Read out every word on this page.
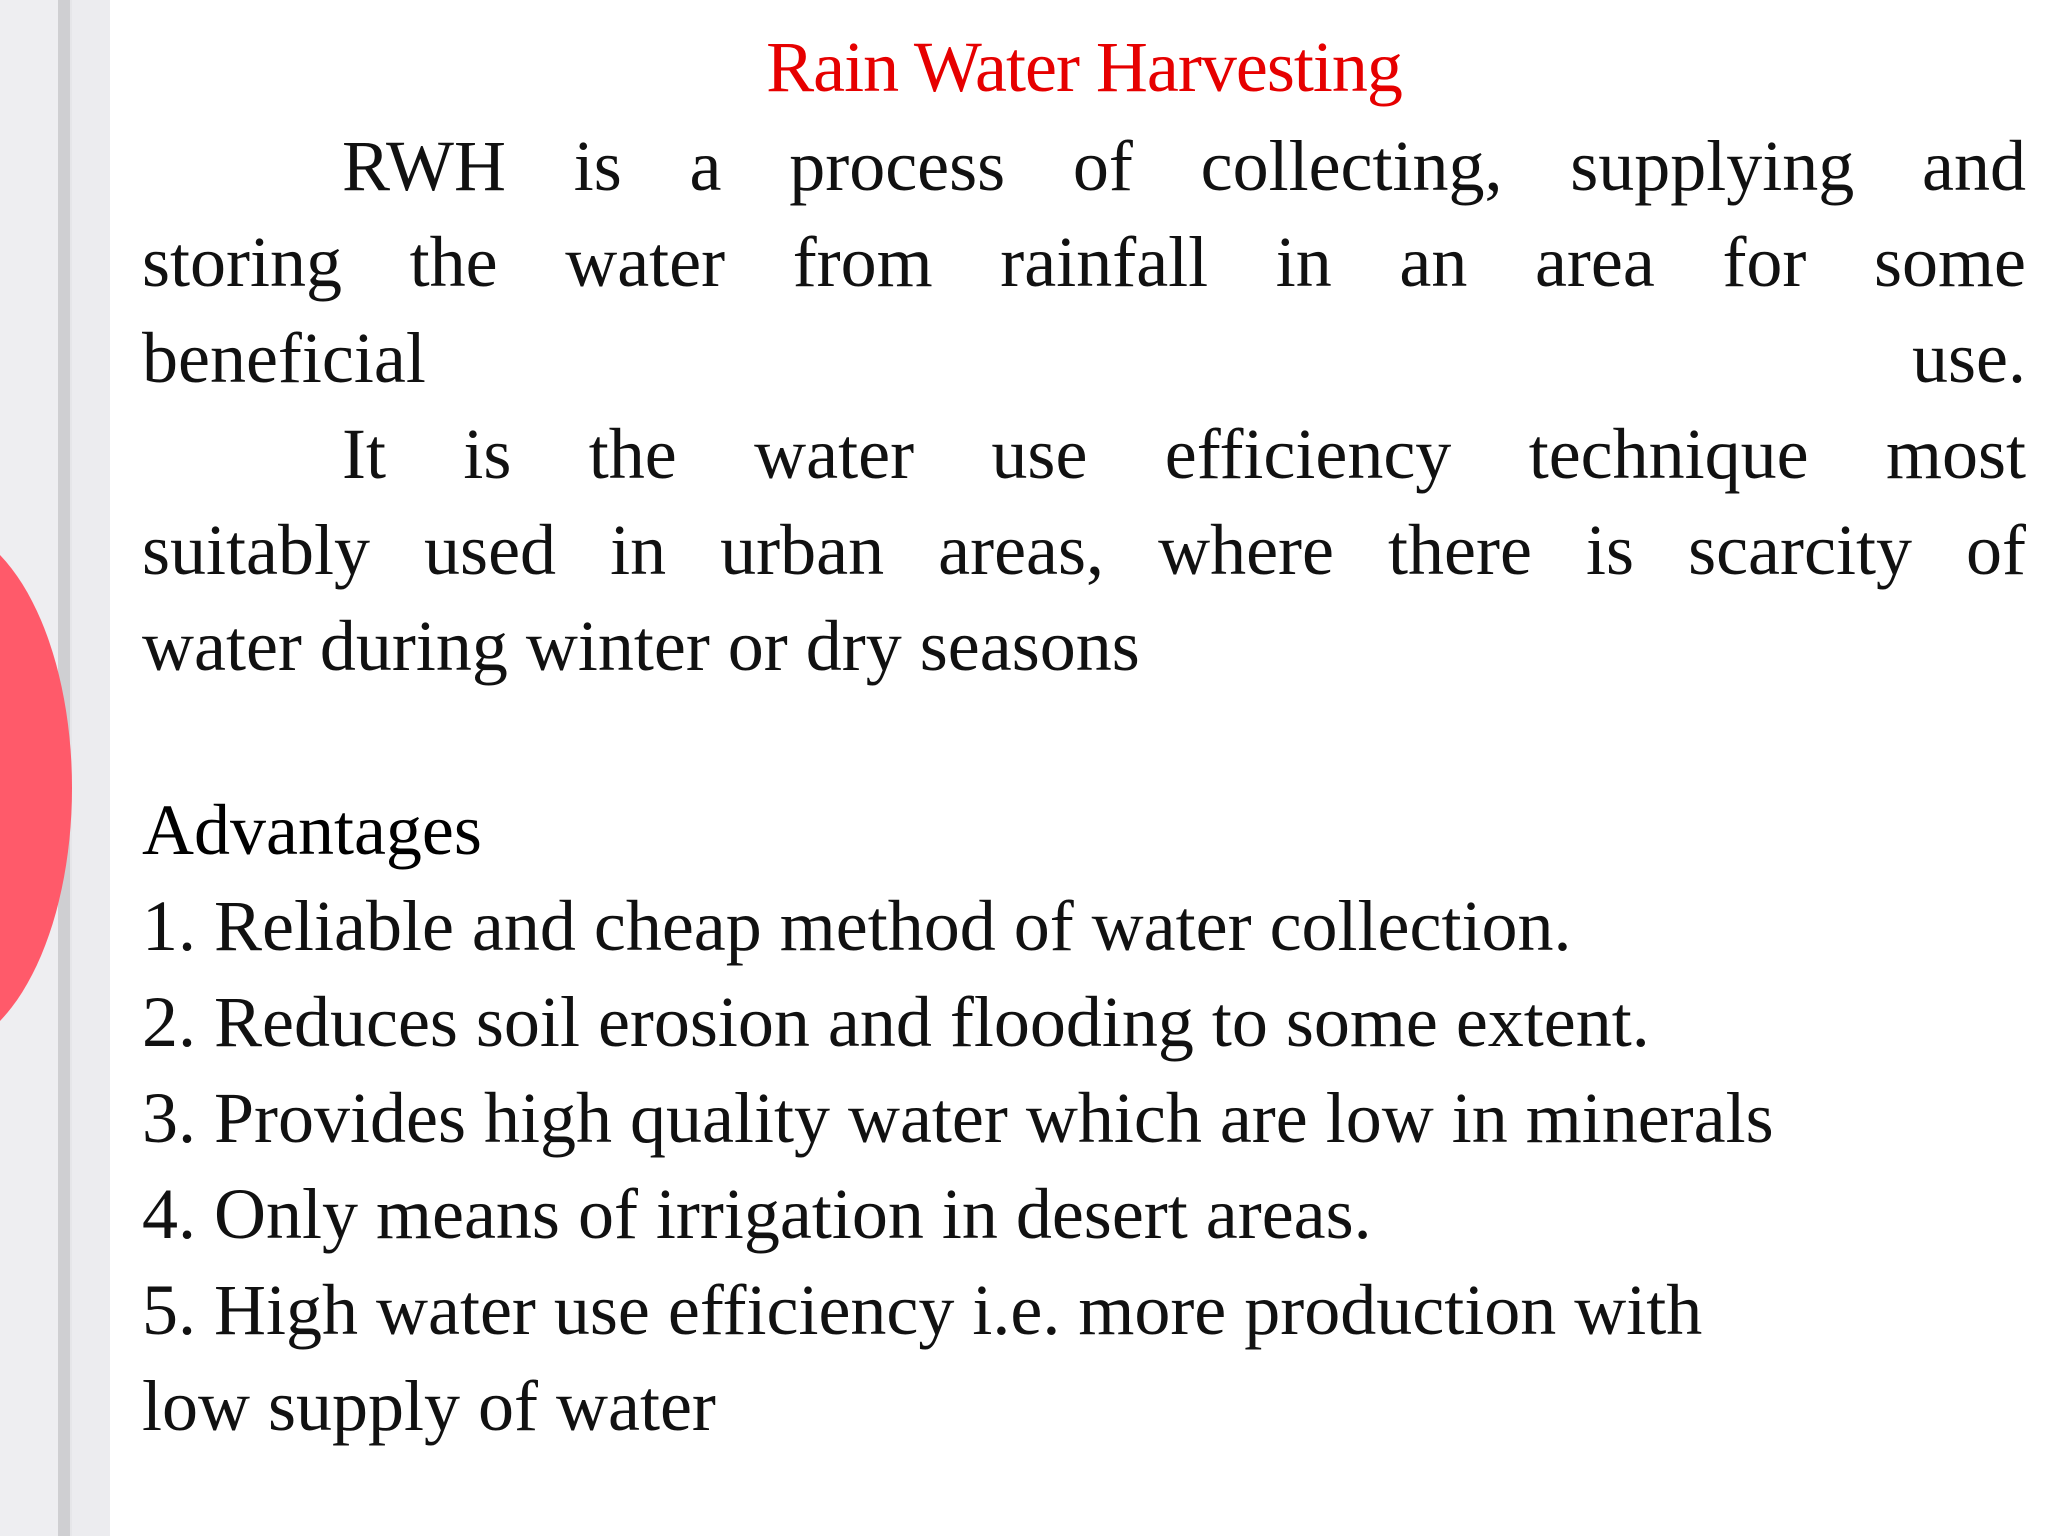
Rain Water Harvesting

RWH is a process of collecting, supplying and

storing the water from rainfall in an area for some

beneficial use.

It is the water use efficiency technique most

suitably used in urban areas, where there is scarcity of

water during winter or dry seasons

Advantages
1. Reliable and cheap method of water collection.
2. Reduces soil erosion and flooding to some extent.
3. Provides high quality water which are low in minerals
4. Only means of irrigation in desert areas.
5. High water use efficiency i.e. more production with
low supply of water
